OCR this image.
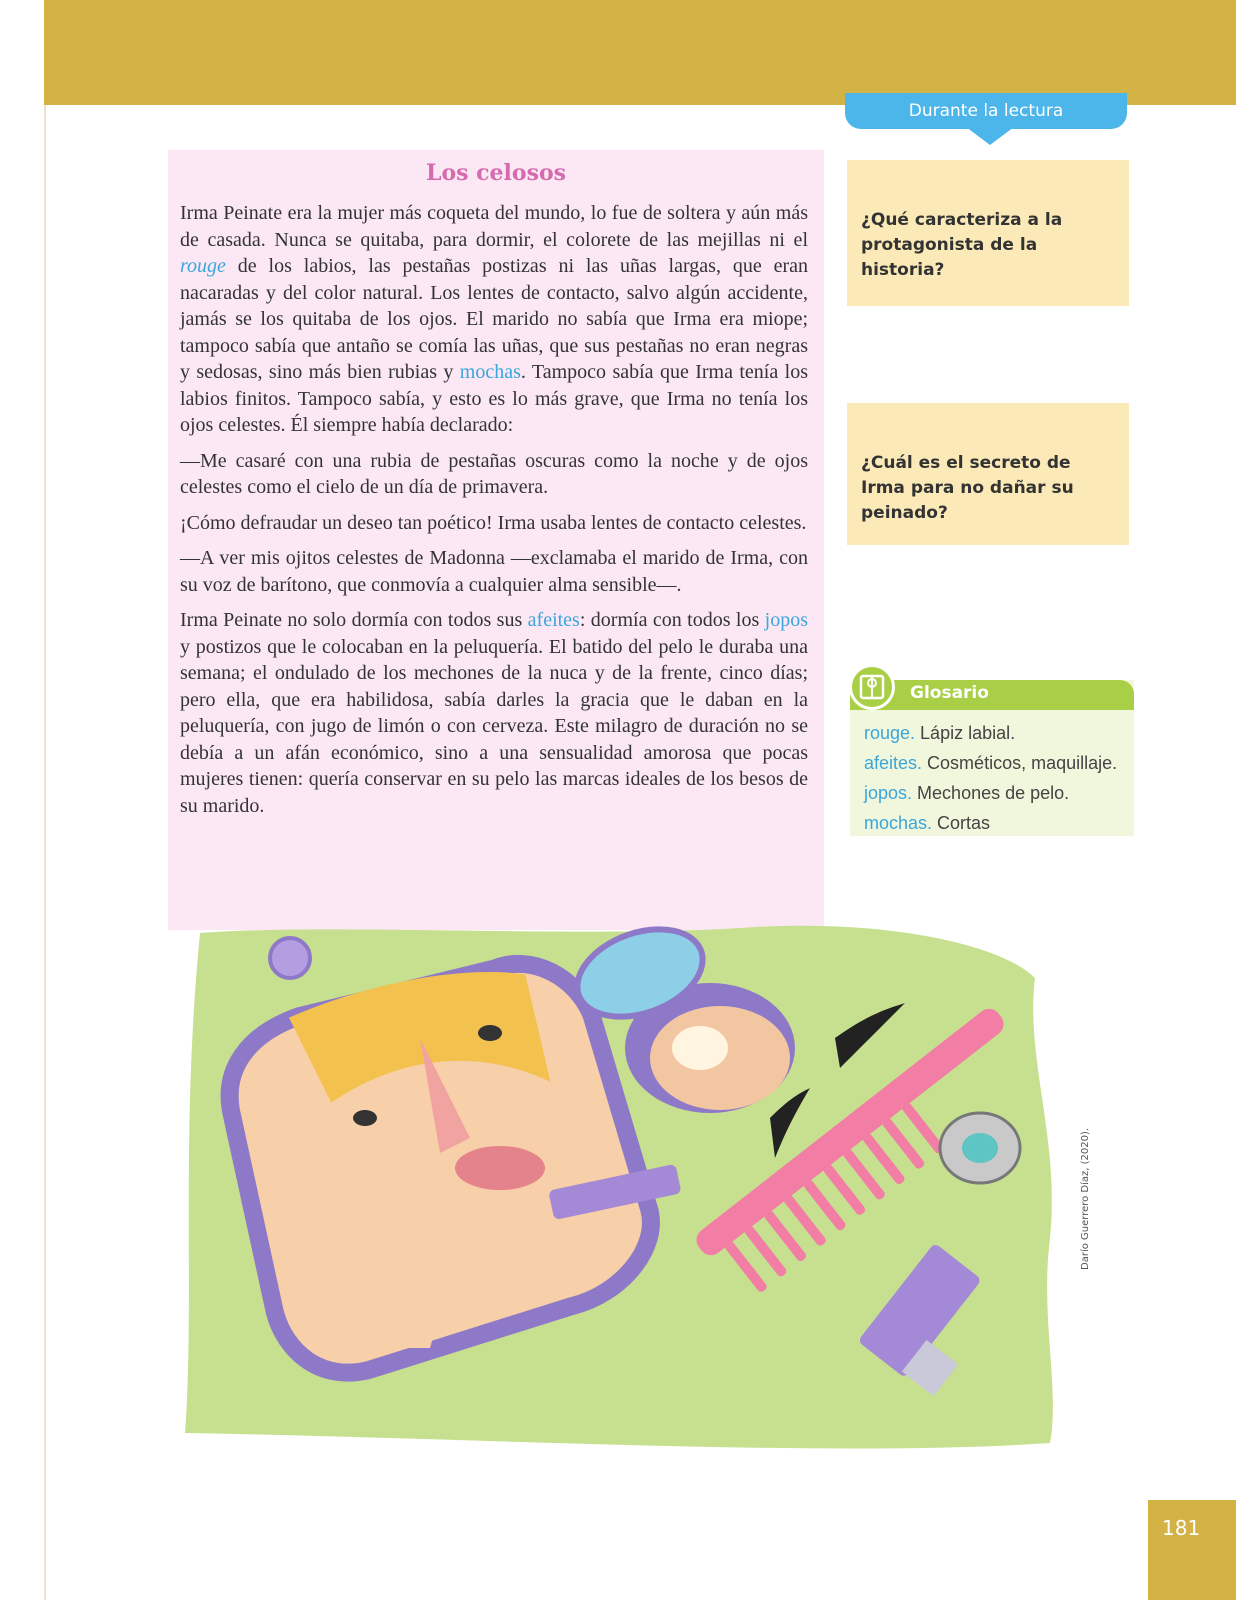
Durante la lectura
Los celosos

Irma Peinate era la mujer más coqueta del mundo, lo fue de soltera y aún más de casada. Nunca se quitaba, para dormir, el colorete de las mejillas ni el rouge de los labios, las pestañas postizas ni las uñas largas, que eran nacaradas y del color natural. Los lentes de contacto, salvo algún accidente, jamás se los quitaba de los ojos. El marido no sabía que Irma era miope; tampoco sabía que antaño se comía las uñas, que sus pestañas no eran negras y sedosas, sino más bien rubias y mochas. Tampoco sabía que Irma tenía los labios finitos. Tampoco sabía, y esto es lo más grave, que Irma no tenía los ojos celestes. Él siempre había declarado:

—Me casaré con una rubia de pestañas oscuras como la noche y de ojos celestes como el cielo de un día de primavera.

¡Cómo defraudar un deseo tan poético! Irma usaba lentes de contacto celestes.

—A ver mis ojitos celestes de Madonna —exclamaba el marido de Irma, con su voz de barítono, que conmovía a cualquier alma sensible—.

Irma Peinate no solo dormía con todos sus afeites: dormía con todos los jopos y postizos que le colocaban en la peluquería. El batido del pelo le duraba una semana; el ondulado de los mechones de la nuca y de la frente, cinco días; pero ella, que era habilidosa, sabía darles la gracia que le daban en la peluquería, con jugo de limón o con cerveza. Este milagro de duración no se debía a un afán económico, sino a una sensualidad amorosa que pocas mujeres tienen: quería conservar en su pelo las marcas ideales de los besos de su marido.

¿Qué caracteriza a la protagonista de la historia?
¿Cuál es el secreto de Irma para no dañar su peinado?
Glosario
rouge. Lápiz labial.
afeites. Cosméticos, maquillaje.
jopos. Mechones de pelo.
mochas. Cortas
Darío Guerrero Díaz, (2020).
181
